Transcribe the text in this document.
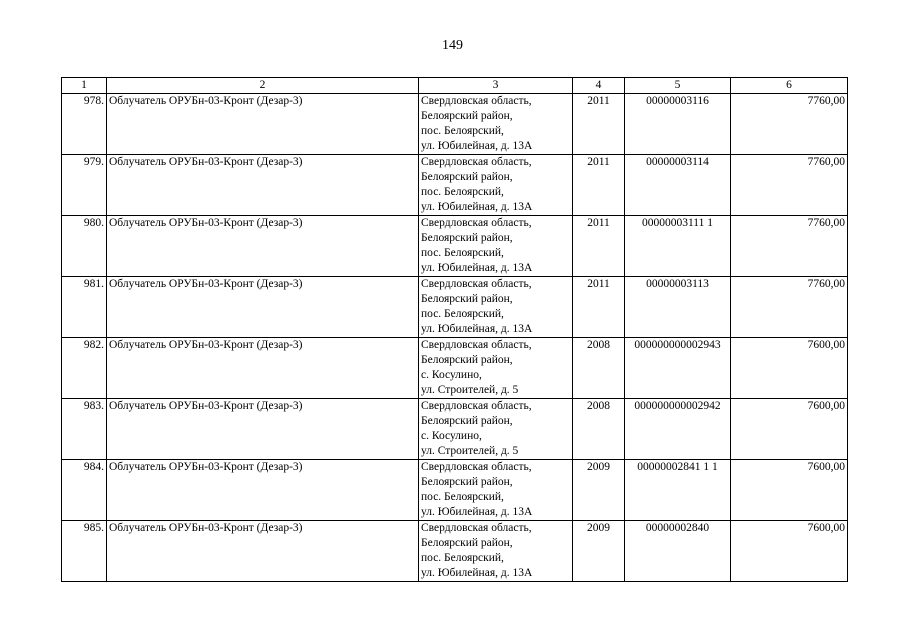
149
1	2	3	4	5	6
978.	Облучатель ОРУБн-03-Кронт (Дезар-3)	Свердловская область,
Белоярский район,
пос. Белоярский,
ул. Юбилейная, д. 13А	2011	00000003116	7760,00
979.	Облучатель ОРУБн-03-Кронт (Дезар-3)	Свердловская область,
Белоярский район,
пос. Белоярский,
ул. Юбилейная, д. 13А	2011	00000003114	7760,00
980.	Облучатель ОРУБн-03-Кронт (Дезар-3)	Свердловская область,
Белоярский район,
пос. Белоярский,
ул. Юбилейная, д. 13А	2011	00000003111 1	7760,00
981.	Облучатель ОРУБн-03-Кронт (Дезар-3)	Свердловская область,
Белоярский район,
пос. Белоярский,
ул. Юбилейная, д. 13А	2011	00000003113	7760,00
982.	Облучатель ОРУБн-03-Кронт (Дезар-3)	Свердловская область,
Белоярский район,
с. Косулино,
ул. Строителей, д. 5	2008	000000000002943	7600,00
983.	Облучатель ОРУБн-03-Кронт (Дезар-3)	Свердловская область,
Белоярский район,
с. Косулино,
ул. Строителей, д. 5	2008	000000000002942	7600,00
984.	Облучатель ОРУБн-03-Кронт (Дезар-3)	Свердловская область,
Белоярский район,
пос. Белоярский,
ул. Юбилейная, д. 13А	2009	00000002841 1 1	7600,00
985.	Облучатель ОРУБн-03-Кронт (Дезар-3)	Свердловская область,
Белоярский район,
пос. Белоярский,
ул. Юбилейная, д. 13А	2009	00000002840	7600,00
